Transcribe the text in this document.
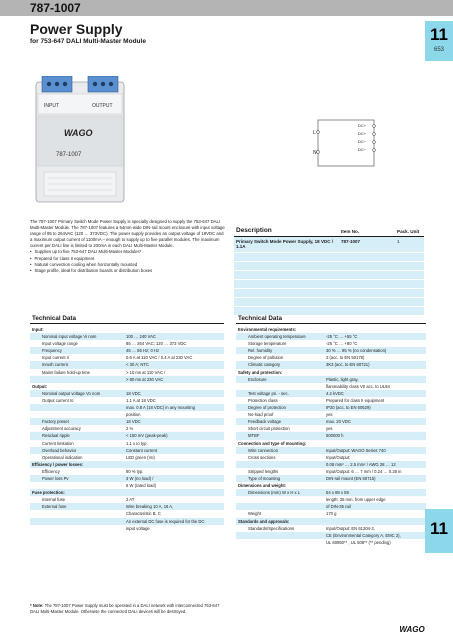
787-1007
Power Supply
for 753-647 DALI Multi-Master Module	11
653
INPUT	OUTPUT
WAGO
787-1007
L
N
DC+
DC+
DC−
DC−

The 787-1007 Primary Switch Mode Power Supply is specially designed to supply the 753-647 DALI Multi-Master Module. The 787-1007 features a 54mm-wide DIN-rail mount enclosure with input voltage range of 85 to 264VAC (120 … 373VDC). The power supply provides an output voltage of 18VDC and a maximum output current of 1100mA – enough to supply up to five parallel modules. The maximum current per DALI line is limited to 200mA in each DALI Multi-Master Module.

• Supplies up to five 753-647 DALI Multi-Master Modules*
• Prepared for class II equipment
• Natural convection cooling when horizontally mounted
• Stage profile, ideal for distribution boards or distribution boxes
Description	Item No.	Pack. Unit
Primary Switch Mode Power Supply, 18 VDC / 1.1A
787-1007	1
Technical Data
Input:
Nominal input voltage Vi nom	100 … 240 VAC
Input voltage range	85 … 264 VAC; 120 … 373 VDC
Frequency	45 … 66 Hz; 0 Hz
Input current Ii	0.6 A at 110 VAC / 0.4 A at 230 VAC
Inrush current	< 30 A; NTC
Mains failure hold-up time	> 10 ms at 110 VAC /
> 80 ms at 230 VAC
Output:
Nominal output voltage Vo nom	18 VDC
Output current Io	1.1 A at 18 VDC
max. 0.8 A (18 VDC) in any mounting
position
Factory preset	18 VDC
Adjustment accuracy	2 %
Residual ripple	< 150 mV (peak-peak)
Current limitation	1.1 x Io typ.
Overload behavior	Constant current
Operational indication	LED green (Vo)
Efficiency / power losses:
Efficiency	80 % typ.
Power loss Pv	3 W (no load) /
6 W (rated load)
Fuse protection:
Internal fuse	2 AT
External fuse	Wire breaking 10 A, 16 A,
Characteristic B, C
An external DC fuse is required for the DC
input voltage
Technical Data
Environmental requirements:
Ambient operating temperature	-25 °C … +55 °C
Storage temperature	-25 °C … +80 °C
Rel. humidity	30 % … 85 % (no condensation)
Degree of pollution	2 (acc. to EN 50178)
Climatic category	3K3 (acc. to EN 60721)
Safety and protection:
Enclosure	Plastic, light gray,
flammability class V0 acc. to UL94
Test voltage pri. - sec.	4.2 kVDC
Protection class	Prepared for class II equipment
Degree of protection	IP20 (acc. to EN 60529)
No-load proof	yes
Feedback voltage	max. 20 VDC
Short circuit protection	yes
MTBF	500000 h
Connection and type of mounting:
Wire connection	Input/Output: WAGO Series 740
Cross sections	Input/Output:
0.08 mm² … 2.5 mm² / AWG 28 … 12
Stripped lengths	Input/Output: 6 … 7 mm / 0.24 … 0.28 in
Type of mounting	DIN-rail mount (EN 60715)
Dimensions and weight:
Dimensions (mm) W x H x L	54 x 89 x 59
length: 35 mm, from upper edge
of DIN-35 rail
Weight	170 g
Standards and approvals:
Standards/Specifications	Input/Output: EN 61204-3,
CE (Environmental Category A, EMC 2),
UL 60950** , UL 508** (** pending)
* Note: The 787-1007 Power Supply must be operated in a DALI network with interconnected 753-647 DALI Multi-Master Module. Otherwise the connected DALI devices will be destroyed.
11
WAGO
